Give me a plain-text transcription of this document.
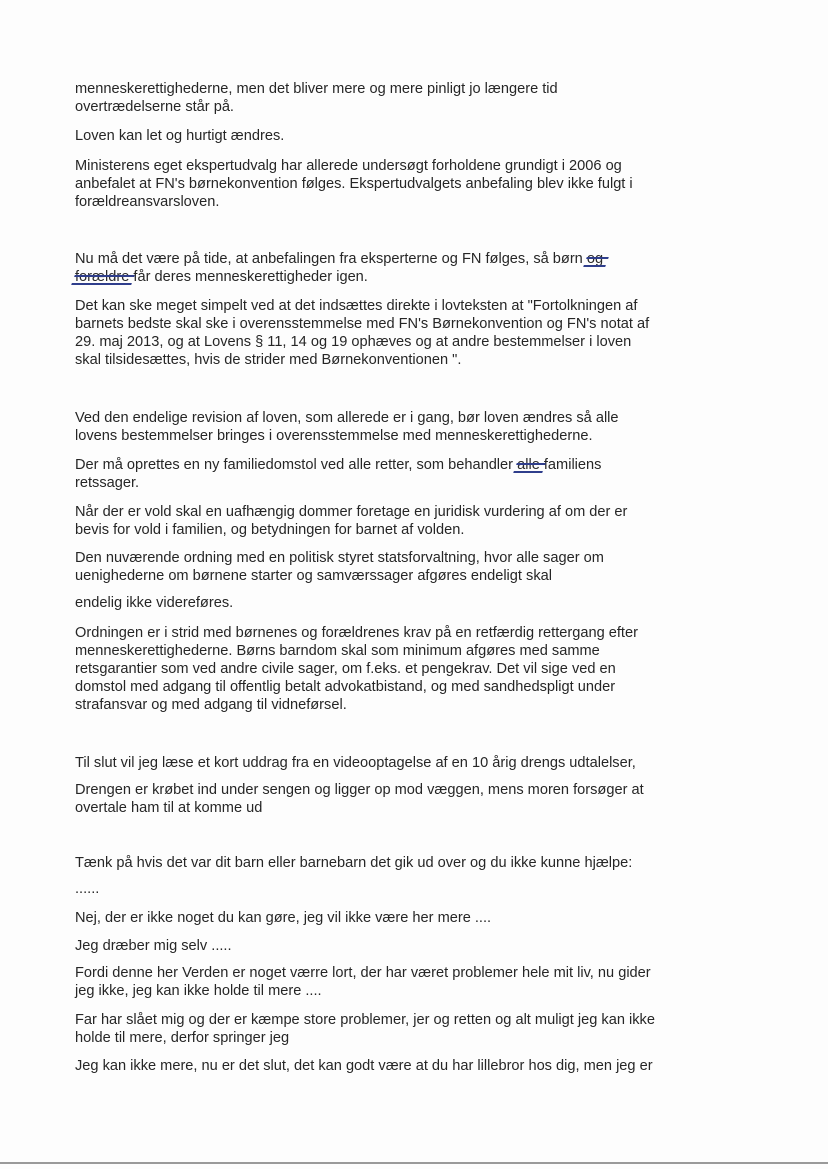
menneskerettighederne, men det bliver mere og mere pinligt jo længere tid
overtrædelserne står på.

Loven kan let og hurtigt ændres.

Ministerens eget ekspertudvalg har allerede undersøgt forholdene grundigt i 2006 og
anbefalet at FN's børnekonvention følges. Ekspertudvalgets anbefaling blev ikke fulgt i
forældreansvarsloven.

Nu må det være på tide, at anbefalingen fra eksperterne og FN følges, så børn og
forældre får deres menneskerettigheder igen.

Det kan ske meget simpelt ved at det indsættes direkte i lovteksten at "Fortolkningen af
barnets bedste skal ske i overensstemmelse med FN's Børnekonvention og FN's notat af
29. maj 2013, og at Lovens § 11, 14 og 19 ophæves og at andre bestemmelser i loven
skal tilsidesættes, hvis de strider med Børnekonventionen ".

Ved den endelige revision af loven, som allerede er i gang, bør loven ændres så alle
lovens bestemmelser bringes i overensstemmelse med menneskerettighederne.

Der må oprettes en ny familiedomstol ved alle retter, som behandler alle familiens
retssager.

Når der er vold skal en uafhængig dommer foretage en juridisk vurdering af om der er
bevis for vold i familien, og betydningen for barnet af volden.

Den nuværende ordning med en politisk styret statsforvaltning, hvor alle sager om
uenighederne om børnene starter og samværssager afgøres endeligt skal

endelig ikke videreføres.

Ordningen er i strid med børnenes og forældrenes krav på en retfærdig rettergang efter
menneskerettighederne. Børns barndom skal som minimum afgøres med samme
retsgarantier som ved andre civile sager, om f.eks. et pengekrav. Det vil sige ved en
domstol med adgang til offentlig betalt advokatbistand, og med sandhedspligt under
strafansvar og med adgang til vidneførsel.

Til slut vil jeg læse et kort uddrag fra en videooptagelse af en 10 årig drengs udtalelser,

Drengen er krøbet ind under sengen og ligger op mod væggen, mens moren forsøger at
overtale ham til at komme ud

Tænk på hvis det var dit barn eller barnebarn det gik ud over og du ikke kunne hjælpe:

......

Nej, der er ikke noget du kan gøre, jeg vil ikke være her mere ....

Jeg dræber mig selv .....

Fordi denne her Verden er noget værre lort, der har været problemer hele mit liv, nu gider
jeg ikke, jeg kan ikke holde til mere ....

Far har slået mig og der er kæmpe store problemer, jer og retten og alt muligt jeg kan ikke
holde til mere, derfor springer jeg

Jeg kan ikke mere, nu er det slut, det kan godt være at du har lillebror hos dig, men jeg er
